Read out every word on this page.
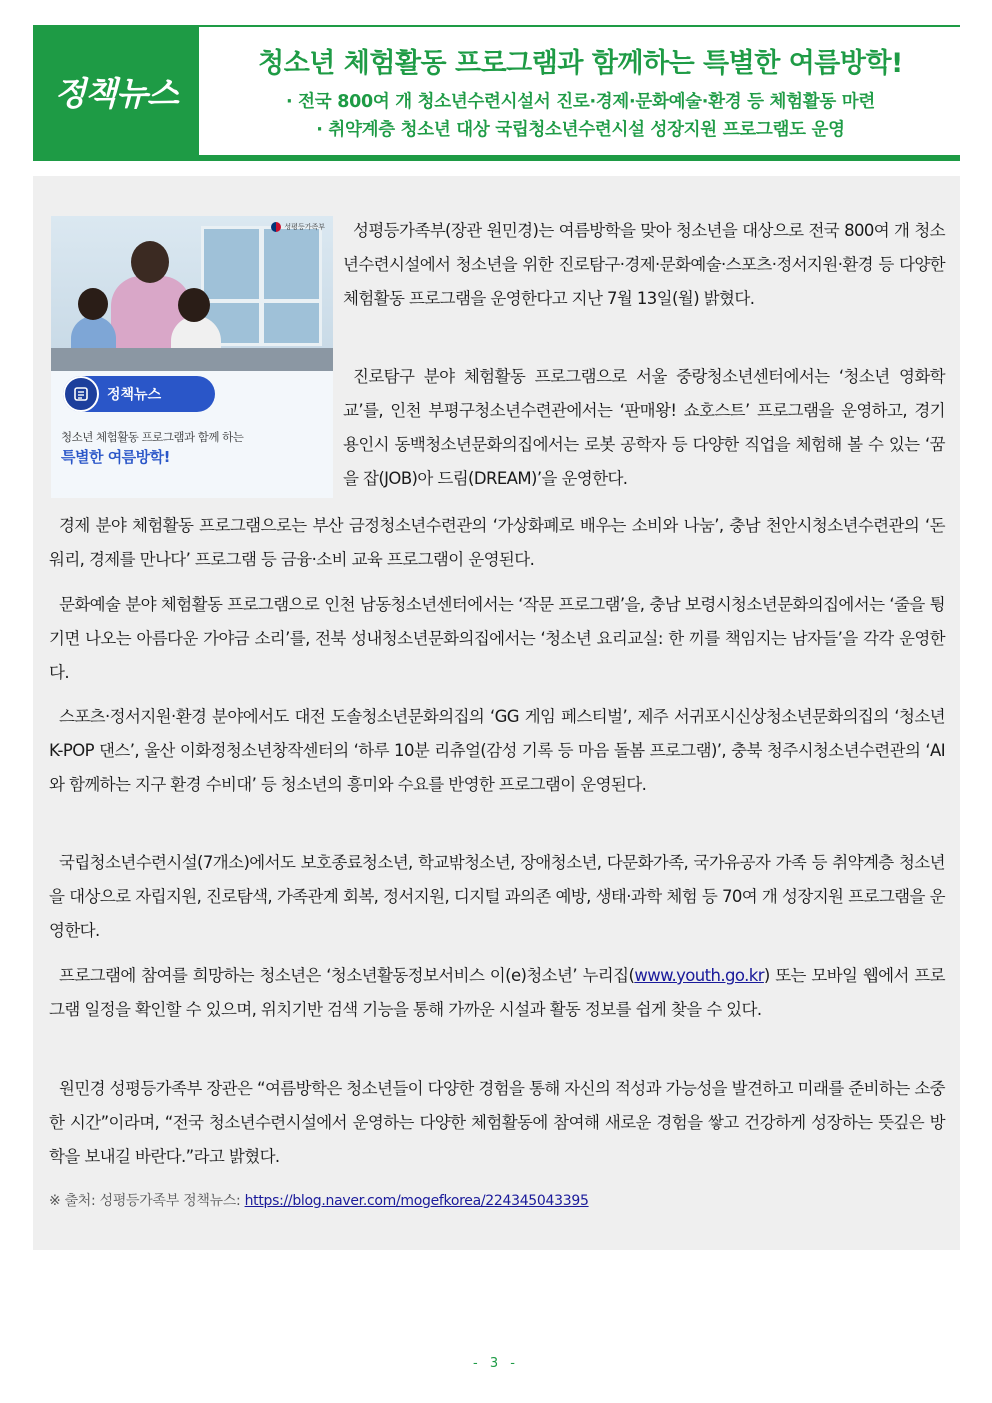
정책뉴스
청소년 체험활동 프로그램과 함께하는 특별한 여름방학!
· 전국 800여 개 청소년수련시설서 진로·경제·문화예술·환경 등 체험활동 마련
· 취약계층 청소년 대상 국립청소년수련시설 성장지원 프로그램도 운영
성평등가족부
정책뉴스
청소년 체험활동 프로그램과 함께 하는
특별한 여름방학!

성평등가족부(장관 원민경)는 여름방학을 맞아 청소년을 대상으로 전국 800여 개 청소년수련시설에서 청소년을 위한 진로탐구·경제·문화예술·스포츠·정서지원·환경 등 다양한 체험활동 프로그램을 운영한다고 지난 7월 13일(월) 밝혔다.

진로탐구 분야 체험활동 프로그램으로 서울 중랑청소년센터에서는 ‘청소년 영화학교’를, 인천 부평구청소년수련관에서는 ‘판매왕! 쇼호스트’ 프로그램을 운영하고, 경기 용인시 동백청소년문화의집에서는 로봇 공학자 등 다양한 직업을 체험해 볼 수 있는 ‘꿈을 잡(JOB)아 드림(DREAM)’을 운영한다.

경제 분야 체험활동 프로그램으로는 부산 금정청소년수련관의 ‘가상화폐로 배우는 소비와 나눔’, 충남 천안시청소년수련관의 ‘돈워리, 경제를 만나다’ 프로그램 등 금융·소비 교육 프로그램이 운영된다.

문화예술 분야 체험활동 프로그램으로 인천 남동청소년센터에서는 ‘작문 프로그램’을, 충남 보령시청소년문화의집에서는 ‘줄을 튕기면 나오는 아름다운 가야금 소리’를, 전북 성내청소년문화의집에서는 ‘청소년 요리교실: 한 끼를 책임지는 남자들’을 각각 운영한다.

스포츠·정서지원·환경 분야에서도 대전 도솔청소년문화의집의 ‘GG 게임 페스티벌’, 제주 서귀포시신상청소년문화의집의 ‘청소년 K-POP 댄스’, 울산 이화정청소년창작센터의 ‘하루 10분 리츄얼(감성 기록 등 마음 돌봄 프로그램)’, 충북 청주시청소년수련관의 ‘AI와 함께하는 지구 환경 수비대’ 등 청소년의 흥미와 수요를 반영한 프로그램이 운영된다.

국립청소년수련시설(7개소)에서도 보호종료청소년, 학교밖청소년, 장애청소년, 다문화가족, 국가유공자 가족 등 취약계층 청소년을 대상으로 자립지원, 진로탐색, 가족관계 회복, 정서지원, 디지털 과의존 예방, 생태·과학 체험 등 70여 개 성장지원 프로그램을 운영한다.

프로그램에 참여를 희망하는 청소년은 ‘청소년활동정보서비스 이(e)청소년’ 누리집(www.youth.go.kr) 또는 모바일 웹에서 프로그램 일정을 확인할 수 있으며, 위치기반 검색 기능을 통해 가까운 시설과 활동 정보를 쉽게 찾을 수 있다.

원민경 성평등가족부 장관은 “여름방학은 청소년들이 다양한 경험을 통해 자신의 적성과 가능성을 발견하고 미래를 준비하는 소중한 시간”이라며, “전국 청소년수련시설에서 운영하는 다양한 체험활동에 참여해 새로운 경험을 쌓고 건강하게 성장하는 뜻깊은 방학을 보내길 바란다.”라고 밝혔다.

※ 출처: 성평등가족부 정책뉴스: https://blog.naver.com/mogefkorea/224345043395
- 3 -
